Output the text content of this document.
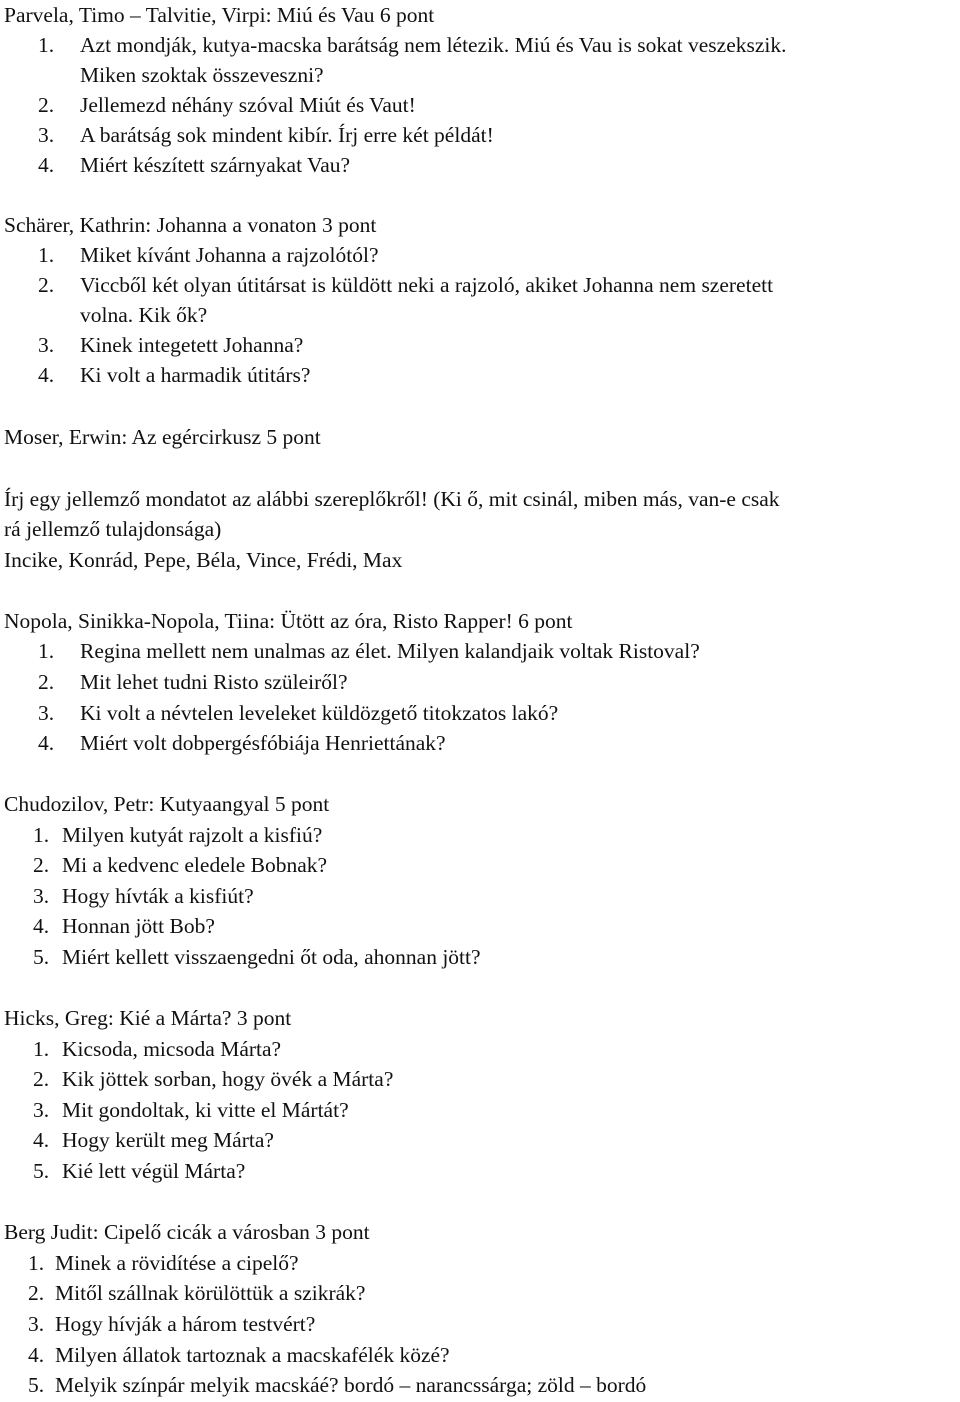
Parvela, Timo – Talvitie, Virpi: Miú és Vau 6 pont
1. Azt mondják, kutya-macska barátság nem létezik. Miú és Vau is sokat veszekszik.
Miken szoktak összeveszni?
2. Jellemezd néhány szóval Miút és Vaut!
3. A barátság sok mindent kibír. Írj erre két példát!
4. Miért készített szárnyakat Vau?
Schärer, Kathrin: Johanna a vonaton 3 pont
1. Miket kívánt Johanna a rajzolótól?
2. Viccből két olyan útitársat is küldött neki a rajzoló, akiket Johanna nem szeretett
volna. Kik ők?
3. Kinek integetett Johanna?
4. Ki volt a harmadik útitárs?
Moser, Erwin: Az egércirkusz 5 pont
Írj egy jellemző mondatot az alábbi szereplőkről! (Ki ő, mit csinál, miben más, van-e csak
rá jellemző tulajdonsága)
Incike, Konrád, Pepe, Béla, Vince, Frédi, Max
Nopola, Sinikka-Nopola, Tiina: Ütött az óra, Risto Rapper! 6 pont
1. Regina mellett nem unalmas az élet. Milyen kalandjaik voltak Ristoval?
2. Mit lehet tudni Risto szüleiről?
3. Ki volt a névtelen leveleket küldözgető titokzatos lakó?
4. Miért volt dobpergésfóbiája Henriettának?
Chudozilov, Petr: Kutyaangyal 5 pont
1. Milyen kutyát rajzolt a kisfiú?
2. Mi a kedvenc eledele Bobnak?
3. Hogy hívták a kisfiút?
4. Honnan jött Bob?
5. Miért kellett visszaengedni őt oda, ahonnan jött?
Hicks, Greg: Kié a Márta? 3 pont
1. Kicsoda, micsoda Márta?
2. Kik jöttek sorban, hogy övék a Márta?
3. Mit gondoltak, ki vitte el Mártát?
4. Hogy került meg Márta?
5. Kié lett végül Márta?
Berg Judit: Cipelő cicák a városban 3 pont
1. Minek a rövidítése a cipelő?
2. Mitől szállnak körülöttük a szikrák?
3. Hogy hívják a három testvért?
4. Milyen állatok tartoznak a macskafélék közé?
5. Melyik színpár melyik macskáé? bordó – narancssárga; zöld – bordó
